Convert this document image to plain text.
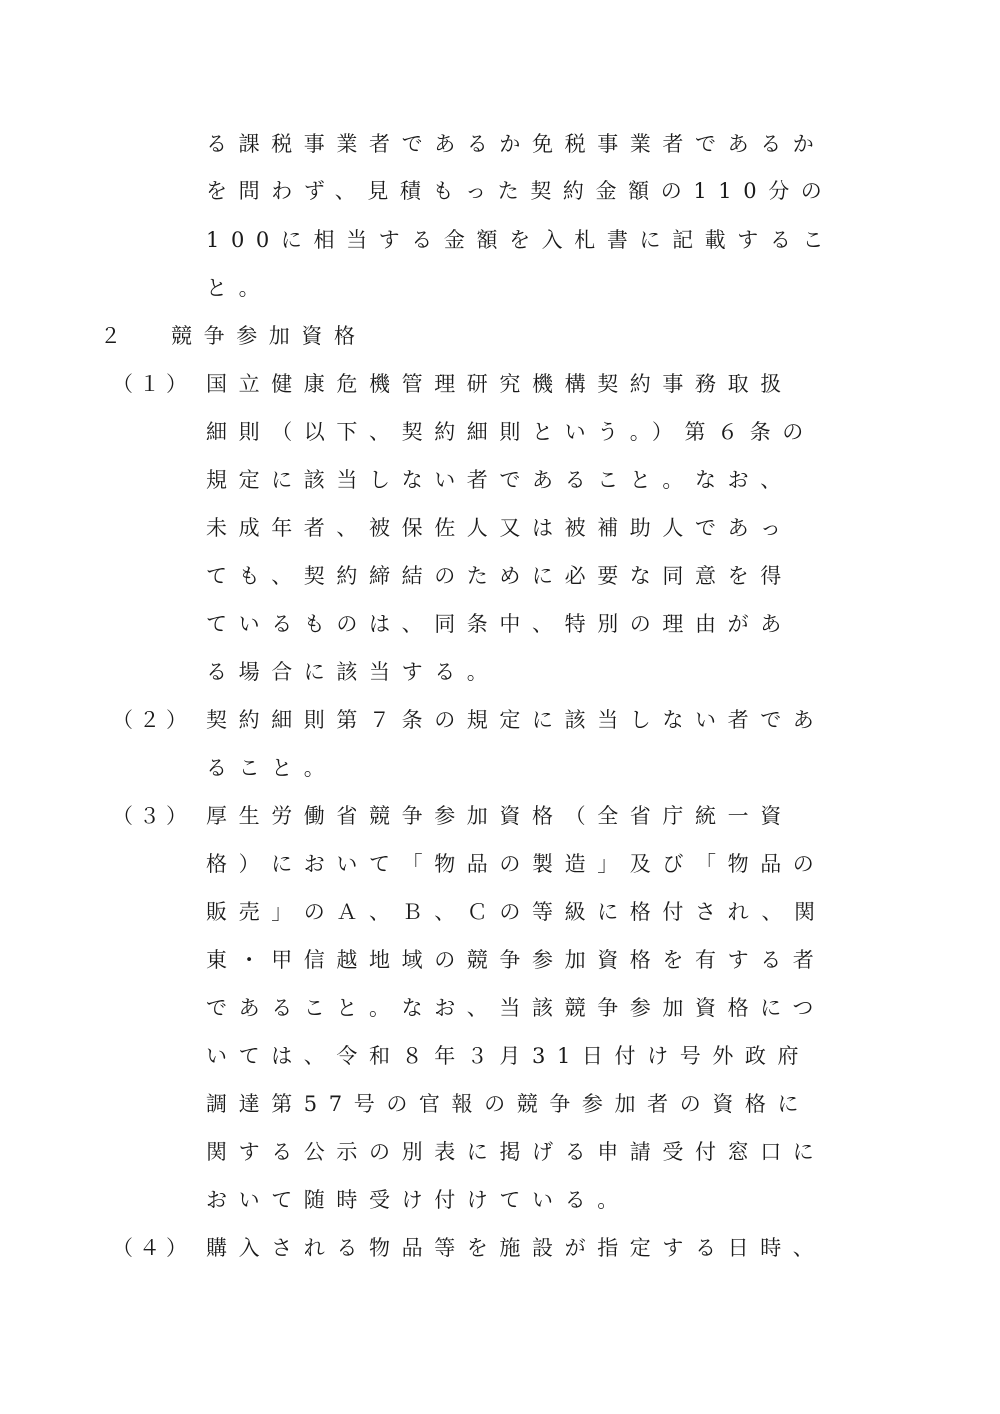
る課税事業者であるか免税事業者であるか
を問わず、見積もった契約金額の110分の
100に相当する金額を入札書に記載するこ
と。
２ 競争参加資格
（１） 国立健康危機管理研究機構契約事務取扱
細則（以下、契約細則という。）第６条の
規定に該当しない者であること。なお、
未成年者、被保佐人又は被補助人であっ
ても、契約締結のために必要な同意を得
ているものは、同条中、特別の理由があ
る場合に該当する。
（２） 契約細則第７条の規定に該当しない者であ
ること。
（３） 厚生労働省競争参加資格（全省庁統一資
格）において「物品の製造」及び「物品の
販売」のＡ、Ｂ、Ｃの等級に格付され、関
東・甲信越地域の競争参加資格を有する者
であること。なお、当該競争参加資格につ
いては、令和８年３月31日付け号外政府
調達第57号の官報の競争参加者の資格に
関する公示の別表に掲げる申請受付窓口に
おいて随時受け付けている。
（４） 購入される物品等を施設が指定する日時、
